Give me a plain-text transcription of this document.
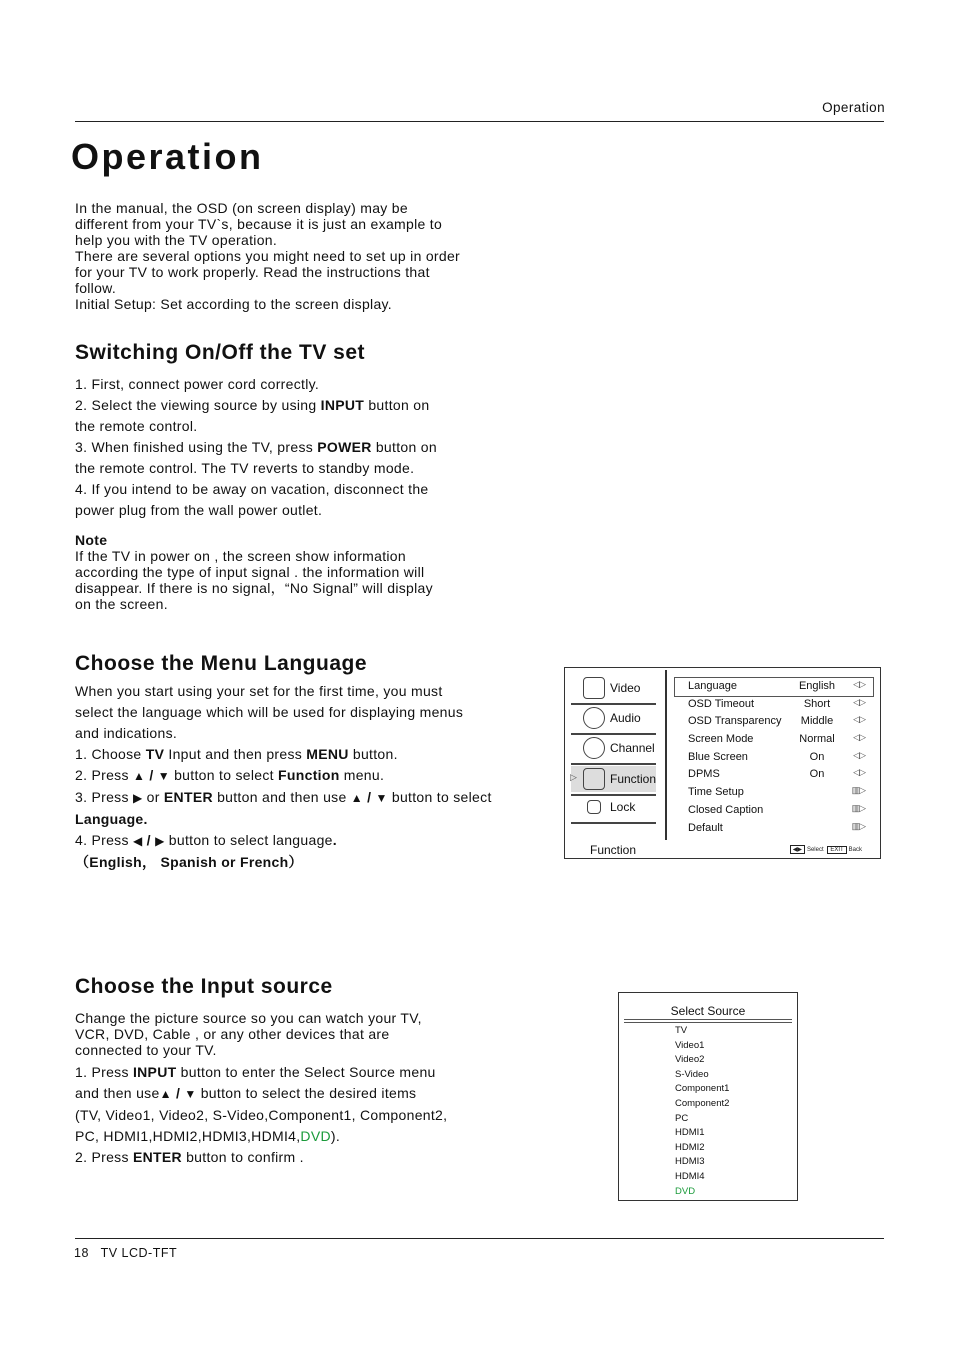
Operation
Operation
In the manual, the OSD (on screen display) may be
different from your TV`s, because it is just an example to
help you with the TV operation.
There are several options you might need to set up in order
for your TV to work properly. Read the instructions that
follow.
Initial Setup: Set according to the screen display.
Switching On/Off the TV set
1. First, connect power cord correctly.
2. Select the viewing source by using INPUT button on
the remote control.
3. When finished using the TV, press POWER button on
the remote control. The TV reverts to standby mode.
4. If you intend to be away on vacation, disconnect the
power plug from the wall power outlet.
Note
If the TV in power on , the screen show information
according the type of input signal . the information will
disappear. If there is no signal，“No Signal” will display
on the screen.
Choose the Menu Language
When you start using your set for the first time, you must
select the language which will be used for displaying menus
and indications.
1. Choose TV Input and then press MENU button.
2. Press ▲ / ▼ button to select Function menu.
3. Press ▶ or ENTER button and then use ▲ / ▼ button to select
Language.
4. Press ◀ / ▶ button to select language.
（English， Spanish or French）
Video
Audio
Channel
▷	Function
Lock
Language	English	◁▷
OSD Timeout	Short	◁▷
OSD Transparency	Middle	◁▷
Screen Mode	Normal	◁▷
Blue Screen	On	◁▷
DPMS	On	◁▷
Time Setup	▥▷
Closed Caption	▥▷
Default	▥▷
Function	◀▶ Select EXIT Back
Choose the Input source
Change the picture source so you can watch your TV,
VCR, DVD, Cable , or any other devices that are
connected to your TV.
1. Press INPUT button to enter the Select Source menu
and then use▲ / ▼ button to select the desired items
(TV, Video1, Video2, S-Video,Component1, Component2,
PC, HDMI1,HDMI2,HDMI3,HDMI4,DVD).
2. Press ENTER button to confirm .
Select Source
TV
Video1
Video2
S-Video
Component1
Component2
PC
HDMI1
HDMI2
HDMI3
HDMI4
DVD
18 TV LCD-TFT
